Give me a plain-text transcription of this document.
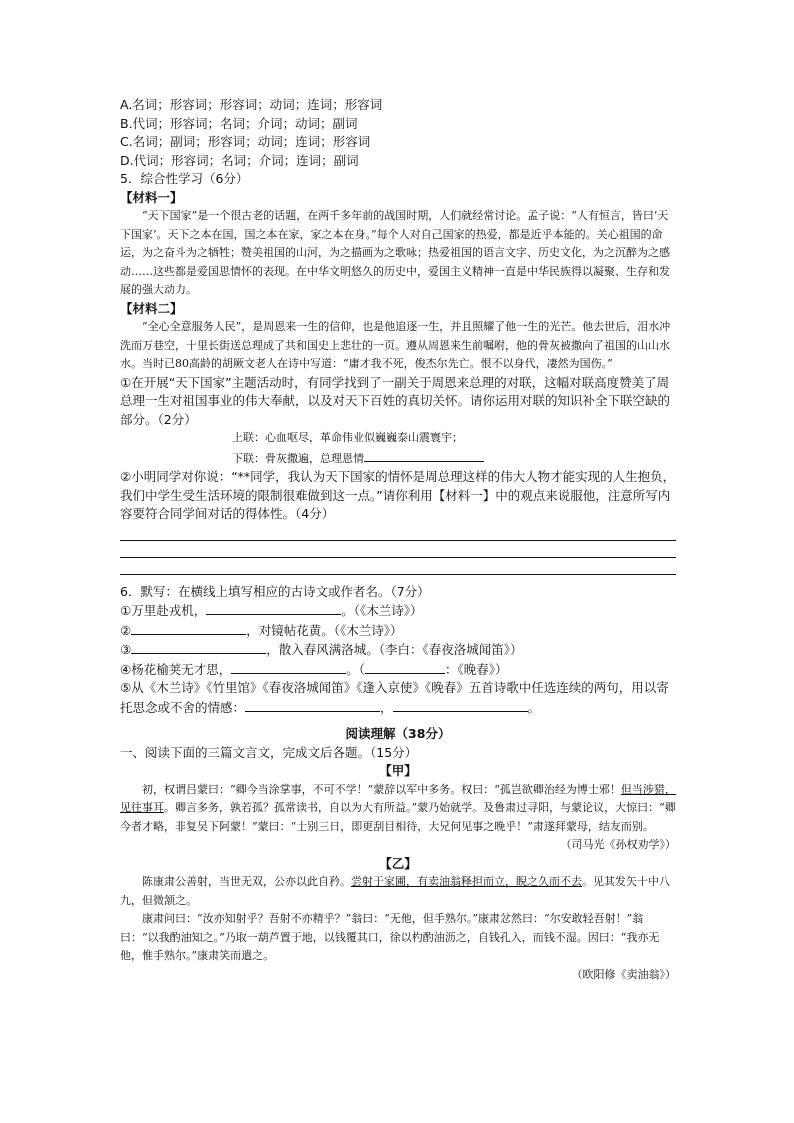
A.名词；形容词；形容词；动词；连词；形容词
B.代词；形容词；名词；介词；动词；副词
C.名词；副词；形容词；动词；连词；形容词
D.代词；形容词；名词；介词；连词；副词
5．综合性学习（6分）
【材料一】
“天下国家”是一个很古老的话题，在两千多年前的战国时期，人们就经常讨论。孟子说：“人有恒言，皆曰‘天下国家’。天下之本在国，国之本在家，家之本在身。”每个人对自己国家的热爱，都是近乎本能的。关心祖国的命运，为之奋斗为之牺牲；赞美祖国的山河，为之描画为之歌咏；热爱祖国的语言文字、历史文化，为之沉醉为之感动……这些都是爱国思情怀的表现。在中华文明悠久的历史中，爱国主义精神一直是中华民族得以凝聚、生存和发展的强大动力。
【材料二】
“全心全意服务人民”，是周恩来一生的信仰，也是他追逐一生，并且照耀了他一生的光芒。他去世后，泪水冲洗而万巷空，十里长街送总理成了共和国史上悲壮的一页。遵从周恩来生前嘱咐，他的骨灰被撒向了祖国的山山水水。当时已80高龄的胡厥文老人在诗中写道：“庸才我不死，俊杰尔先亡。恨不以身代，凄然为国伤。”
①在开展“天下国家”主题活动时，有同学找到了一副关于周恩来总理的对联，这幅对联高度赞美了周总理一生对祖国事业的伟大奉献，以及对天下百姓的真切关怀。请你运用对联的知识补全下联空缺的部分。（2分）
上联：心血呕尽，革命伟业似巍巍泰山震寰宇；
下联：骨灰撒遍，总理恩情
②小明同学对你说：“**同学，我认为天下国家的情怀是周总理这样的伟大人物才能实现的人生抱负，我们中学生受生活环境的限制很难做到这一点。”请你利用【材料一】中的观点来说服他，注意所写内容要符合同学间对话的得体性。（4分）
6．默写：在横线上填写相应的古诗文或作者名。（7分）
①万里赴戎机，	。（《木兰诗》）
②	，对镜帖花黄。（《木兰诗》）
③	，散入春风满洛城。（李白：《春夜洛城闻笛》）
④杨花榆荚无才思，	。（	：《晚春》）
⑤从《木兰诗》《竹里馆》《春夜洛城闻笛》《逢入京使》《晚春》五首诗歌中任选连续的两句，用以寄托思念或不舍的情感：	，	。
阅读理解（38分）
一、阅读下面的三篇文言文，完成文后各题。（15分）
【甲】
初，权谓吕蒙曰：“卿今当涂掌事，不可不学！”蒙辞以军中多务。权曰：“孤岂欲卿治经为博士邪！但当涉猎，见往事耳。卿言多务，孰若孤？孤常读书，自以为大有所益。”蒙乃始就学。及鲁肃过寻阳，与蒙论议，大惊曰：“卿今者才略，非复吴下阿蒙！”蒙曰：“士别三日，即更刮目相待，大兄何见事之晚乎！”肃遂拜蒙母，结友而别。
（司马光《孙权劝学》）
【乙】
陈康肃公善射，当世无双，公亦以此自矜。尝射于家圃，有卖油翁释担而立，睨之久而不去。见其发矢十中八九，但微颔之。
康肃问曰：“汝亦知射乎？吾射不亦精乎？”翁曰：“无他，但手熟尔。”康肃忿然曰：“尔安敢轻吾射！”翁曰：“以我酌油知之。”乃取一葫芦置于地，以钱覆其口，徐以杓酌油沥之，自钱孔入，而钱不湿。因曰：“我亦无他，惟手熟尔。”康肃笑而遣之。
（欧阳修《卖油翁》）
